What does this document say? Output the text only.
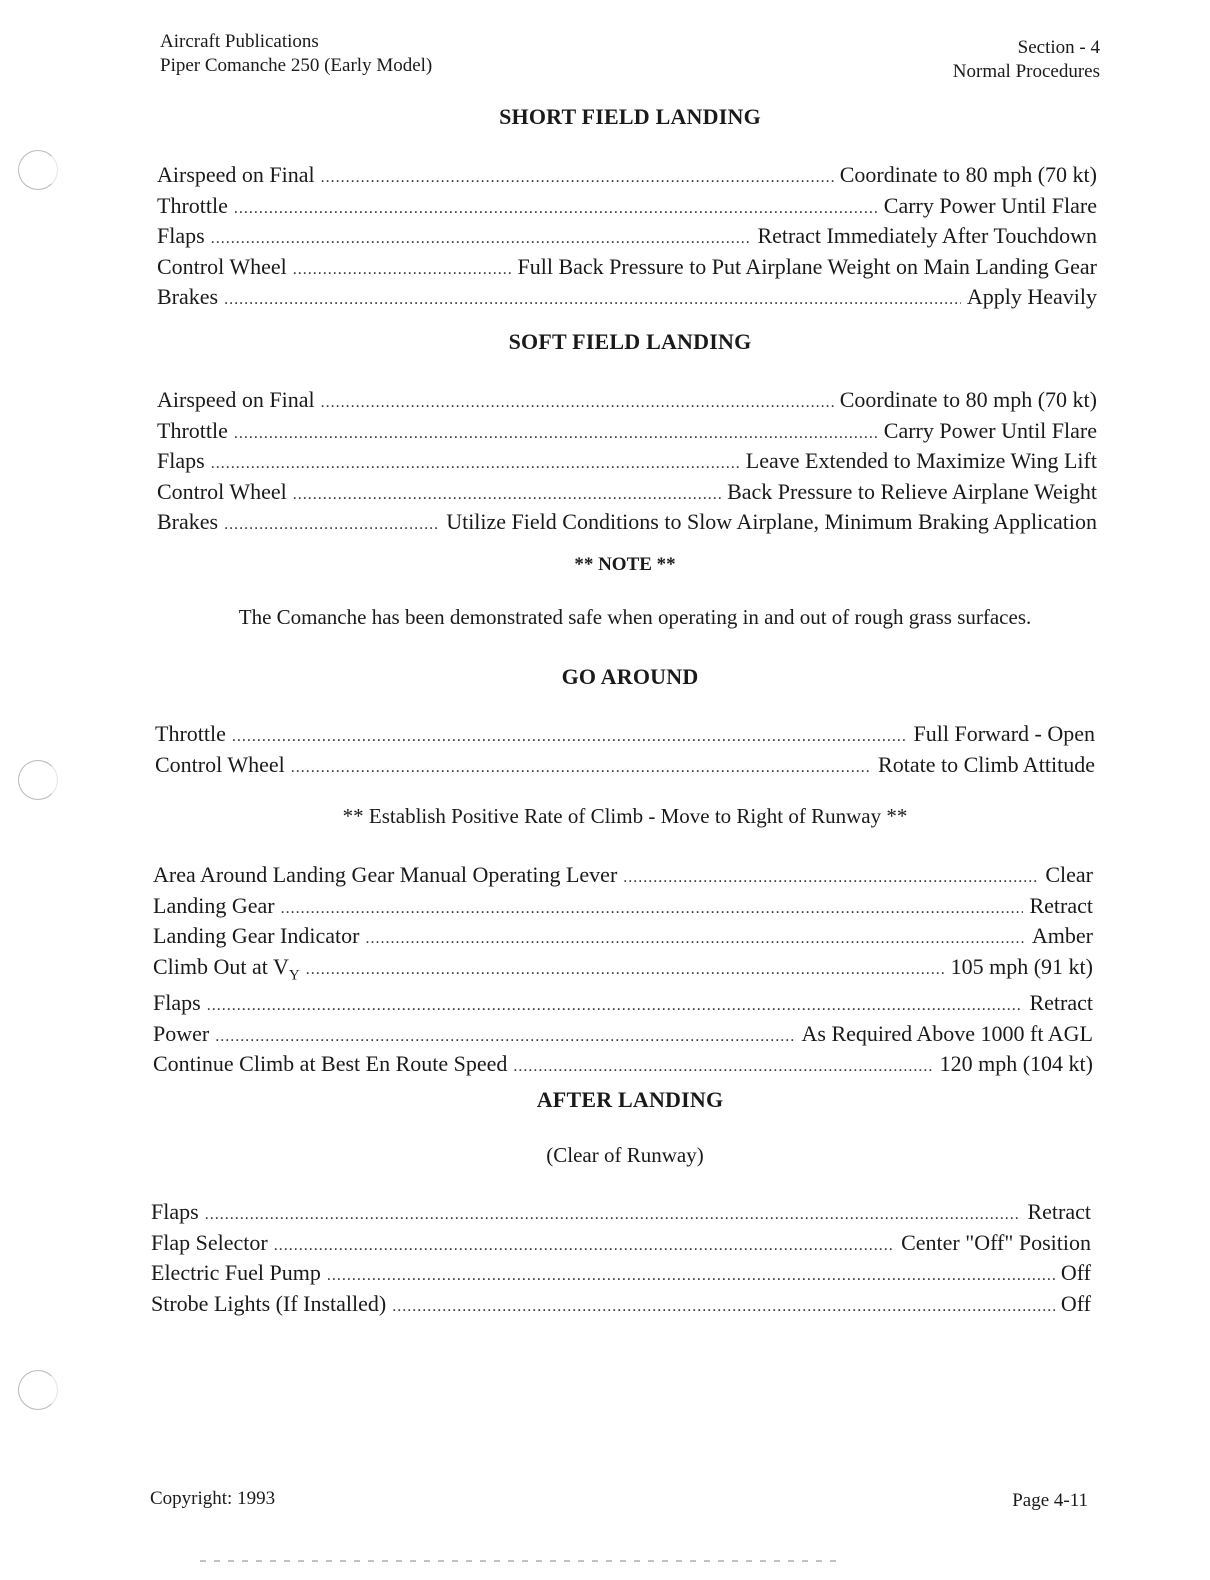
Aircraft Publications
Piper Comanche 250 (Early Model)
Section - 4
Normal Procedures
SHORT FIELD LANDING
Airspeed on Final .....	Coordinate to 80 mph (70 kt)
Throttle .....	Carry Power Until Flare
Flaps .....	Retract Immediately After Touchdown
Control Wheel .....	Full Back Pressure to Put Airplane Weight on Main Landing Gear
Brakes .....	Apply Heavily
SOFT FIELD LANDING
Airspeed on Final .....	Coordinate to 80 mph (70 kt)
Throttle .....	Carry Power Until Flare
Flaps .....	Leave Extended to Maximize Wing Lift
Control Wheel .....	Back Pressure to Relieve Airplane Weight
Brakes .....	Utilize Field Conditions to Slow Airplane, Minimum Braking Application
** NOTE **
The Comanche has been demonstrated safe when operating in and out of rough grass surfaces.
GO AROUND
Throttle .....	Full Forward - Open
Control Wheel .....	Rotate to Climb Attitude
** Establish Positive Rate of Climb - Move to Right of Runway **
Area Around Landing Gear Manual Operating Lever .....	Clear
Landing Gear .....	Retract
Landing Gear Indicator .....	Amber
Climb Out at $V_Y$ .....	105 mph (91 kt)
Flaps .....	Retract
Power .....	As Required Above 1000 ft AGL
Continue Climb at Best En Route Speed .....	120 mph (104 kt)
AFTER LANDING
(Clear of Runway)
Flaps .....	Retract
Flap Selector .....	Center "Off" Position
Electric Fuel Pump .....	Off
Strobe Lights (If Installed) .....	Off
Copyright: 1993	Page 4-11
